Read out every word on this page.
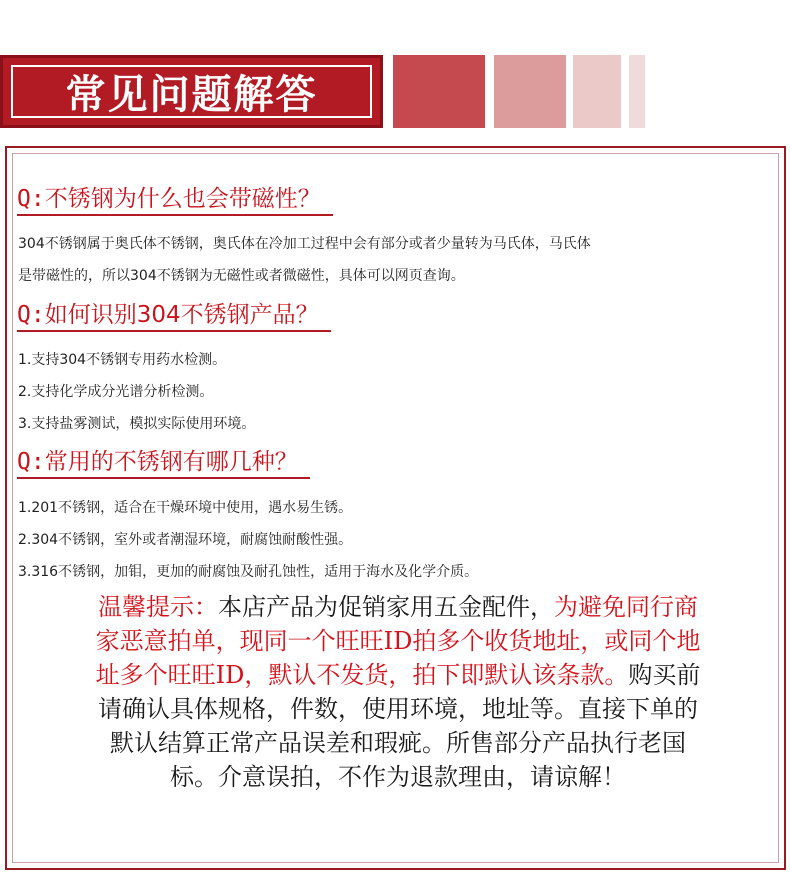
常见问题解答
Q:不锈钢为什么也会带磁性？
304不锈钢属于奥氏体不锈钢，奥氏体在冷加工过程中会有部分或者少量转为马氏体，马氏体
是带磁性的，所以304不锈钢为无磁性或者微磁性，具体可以网页查询。
Q:如何识别304不锈钢产品？
1.支持304不锈钢专用药水检测。
2.支持化学成分光谱分析检测。
3.支持盐雾测试，模拟实际使用环境。
Q:常用的不锈钢有哪几种？
1.201不锈钢，适合在干燥环境中使用，遇水易生锈。
2.304不锈钢，室外或者潮湿环境，耐腐蚀耐酸性强。
3.316不锈钢，加钼，更加的耐腐蚀及耐孔蚀性，适用于海水及化学介质。
温馨提示：本店产品为促销家用五金配件，为避免同行商
家恶意拍单，现同一个旺旺ID拍多个收货地址，或同个地
址多个旺旺ID，默认不发货，拍下即默认该条款。购买前
请确认具体规格，件数，使用环境，地址等。直接下单的
默认结算正常产品误差和瑕疵。所售部分产品执行老国
标。介意误拍，不作为退款理由，请谅解！
